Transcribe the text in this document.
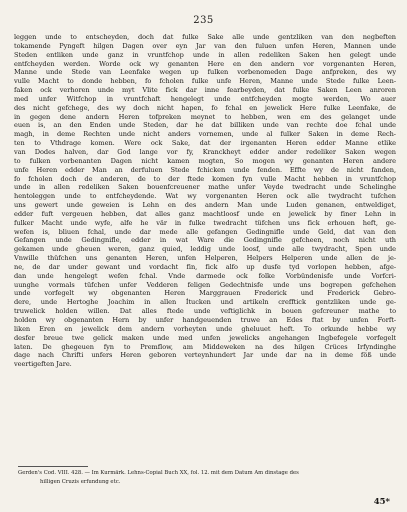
235
leggen unde to entscheyden, doch dat fulke Sake alle unde gentzliken van den negbeften
tokamende Pyngeft hilgen Dagen over eyn Jar van den fuluen unfen Heren, Mannen unde
Steden entliken unde ganz in vruntfchop unde in allen redeliken Saken hen gelegt unde
entfcheyden werden. Worde ock wy genanten Here en den andern vor vorgenanten Heren,
Manne unde Stede van Leenfake wegen up fulken vorbenomeden Dage anfpreken, des wy
vulle Macht to donde hebben, fo fcholen fulke unfe Heren, Manne unde Stede fulke Leen-
faken ock verhoren unde myt Vlite fick dar inne fearbeyden, dat fulke Saken Leen anroren
med unfer Witfchop in vruntfchaft hengelegt unde entfcheyden mogte werden, Wo auer
des nicht gefchege, des wy doch nicht hapen, fo fchal en jewelick Here fulke Leenfake, de
in gegen dene andern Heren tofpreken meynet to hebben, wen em des gelanget unde
euen is, an den Enden unde Steden, dar he dat billiken unde van rechte doe fchal unde
magh, in deme Rechten unde nicht anders vornemen, unde al fulker Saken in deme Rech-
ten to Vthdrage komen. Were ock Sake, dat der irgenanten Heren edder Manne etlike
van Dodes halven, dar God lange vor fy, Kranckheyt edder ander redeliker Saken wegen
to fulken vorbenanten Dagen nicht kamen mogten, So mogen wy genanten Heren andere
unfe Heren edder Man an derfuluen Stede fchicken unde fenden. Effte wy de nicht fanden,
fo fcholen doch de anderen, de to der ftede komen fyn vulle Macht hebben in vruntfchop
unde in allen redeliken Saken bouenfcreuener mathe unfer Veyde twedracht unde Schelinghe
hentoleggen unde to entfcheydende. Wat wy vorgenanten Heren ock alle twydracht tufchen
uns gewert unde geweien is Lehn en des andern Man unde Luden genanen, entweldiget,
edder fuft vergeuen hebben, dat alles ganz machtloosf unde en jewelick by finer Lehn in
fulker Macht unde wyfe, alfe he vär in fulke twedracht tüfchen uns fick erhouen heft, ge-
wefen is, bliuen fchal, unde dar mede alle gefangen Gedingnifle unde Geld, dat van den
Gefangen unde Gedingnifle, edder in wat Ware die Gedingnifle gefcheen, noch nicht uth
gekamen unde gheuen weren, ganz quied, leddig unde loosf, unde alle twydracht, Spen unde
Vnwille thüfchen uns genanten Heren, unfen Helperen, Helpers Helperen unde allen de je-
ne, de dar under gewant und vordacht fin, fick alfo up dusfe tyd vorlopen hebben, afge-
dan unde hengelegt wefen fchal. Vnde darmede ock folke Vorbündenisfe unde Vorfcri-
uunghe vormals tüfchen unfer Vedderen feligen Gedechtnisfe unde uns bogrepen gefchehen
unde vorfegelt wy obgenanten Heren Marggrauen Frederick und Frederick Gebro-
dere, unde Hertoghe Joachim in allen Ítucken und artikeln crefftick gentzliken unde ge-
truwelick holden willen. Dat alles ftede unde veftiglichk in bouen gefcreuner mathe to
holden wy obgenanten Hern by unfer handgeuenden truwe an Edes ftat by unfen Forft-
liken Eren en jewelick dem andern vorheyten unde gheluuet heft. To orkunde hebbe wy
desfer breue twe gelick maken unde med unfen jewelicks angehangen Ingbefegele vorfegelt
laten. De ghegeuen fyn to Premflow, am Middeweken na des hilgen Crüces Irfyndinghe
dage nach Chrifti unfers Heren geboren verteynhundert Jar unde dar na in deme föß unde
veertigeften Jare.
Gerden's Cod. VIII. 428. — Im Kurmärk. Lehns-Copial Buch XX, fol. 12. mit dem Datum Am dinstage des
hilligen Cruzis erfundung etc.
45*
